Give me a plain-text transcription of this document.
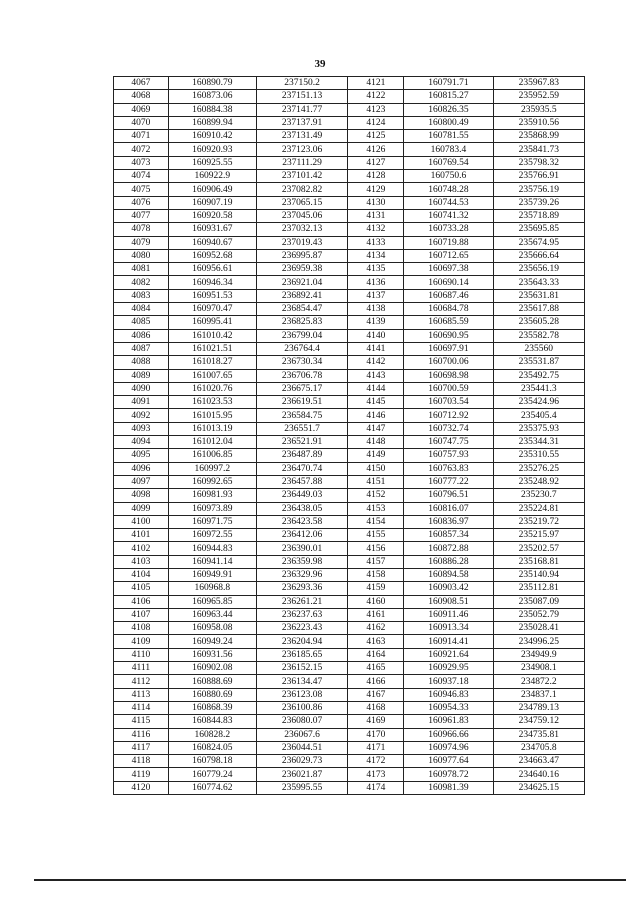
39
4067	160890.79	237150.2	4121	160791.71	235967.83
4068	160873.06	237151.13	4122	160815.27	235952.59
4069	160884.38	237141.77	4123	160826.35	235935.5
4070	160899.94	237137.91	4124	160800.49	235910.56
4071	160910.42	237131.49	4125	160781.55	235868.99
4072	160920.93	237123.06	4126	160783.4	235841.73
4073	160925.55	237111.29	4127	160769.54	235798.32
4074	160922.9	237101.42	4128	160750.6	235766.91
4075	160906.49	237082.82	4129	160748.28	235756.19
4076	160907.19	237065.15	4130	160744.53	235739.26
4077	160920.58	237045.06	4131	160741.32	235718.89
4078	160931.67	237032.13	4132	160733.28	235695.85
4079	160940.67	237019.43	4133	160719.88	235674.95
4080	160952.68	236995.87	4134	160712.65	235666.64
4081	160956.61	236959.38	4135	160697.38	235656.19
4082	160946.34	236921.04	4136	160690.14	235643.33
4083	160951.53	236892.41	4137	160687.46	235631.81
4084	160970.47	236854.47	4138	160684.78	235617.88
4085	160995.41	236825.83	4139	160685.59	235605.28
4086	161010.42	236799.04	4140	160690.95	235582.78
4087	161021.51	236764.4	4141	160697.91	235560
4088	161018.27	236730.34	4142	160700.06	235531.87
4089	161007.65	236706.78	4143	160698.98	235492.75
4090	161020.76	236675.17	4144	160700.59	235441.3
4091	161023.53	236619.51	4145	160703.54	235424.96
4092	161015.95	236584.75	4146	160712.92	235405.4
4093	161013.19	236551.7	4147	160732.74	235375.93
4094	161012.04	236521.91	4148	160747.75	235344.31
4095	161006.85	236487.89	4149	160757.93	235310.55
4096	160997.2	236470.74	4150	160763.83	235276.25
4097	160992.65	236457.88	4151	160777.22	235248.92
4098	160981.93	236449.03	4152	160796.51	235230.7
4099	160973.89	236438.05	4153	160816.07	235224.81
4100	160971.75	236423.58	4154	160836.97	235219.72
4101	160972.55	236412.06	4155	160857.34	235215.97
4102	160944.83	236390.01	4156	160872.88	235202.57
4103	160941.14	236359.98	4157	160886.28	235168.81
4104	160949.91	236329.96	4158	160894.58	235140.94
4105	160968.8	236293.36	4159	160903.42	235112.81
4106	160965.85	236261.21	4160	160908.51	235087.09
4107	160963.44	236237.63	4161	160911.46	235052.79
4108	160958.08	236223.43	4162	160913.34	235028.41
4109	160949.24	236204.94	4163	160914.41	234996.25
4110	160931.56	236185.65	4164	160921.64	234949.9
4111	160902.08	236152.15	4165	160929.95	234908.1
4112	160888.69	236134.47	4166	160937.18	234872.2
4113	160880.69	236123.08	4167	160946.83	234837.1
4114	160868.39	236100.86	4168	160954.33	234789.13
4115	160844.83	236080.07	4169	160961.83	234759.12
4116	160828.2	236067.6	4170	160966.66	234735.81
4117	160824.05	236044.51	4171	160974.96	234705.8
4118	160798.18	236029.73	4172	160977.64	234663.47
4119	160779.24	236021.87	4173	160978.72	234640.16
4120	160774.62	235995.55	4174	160981.39	234625.15
